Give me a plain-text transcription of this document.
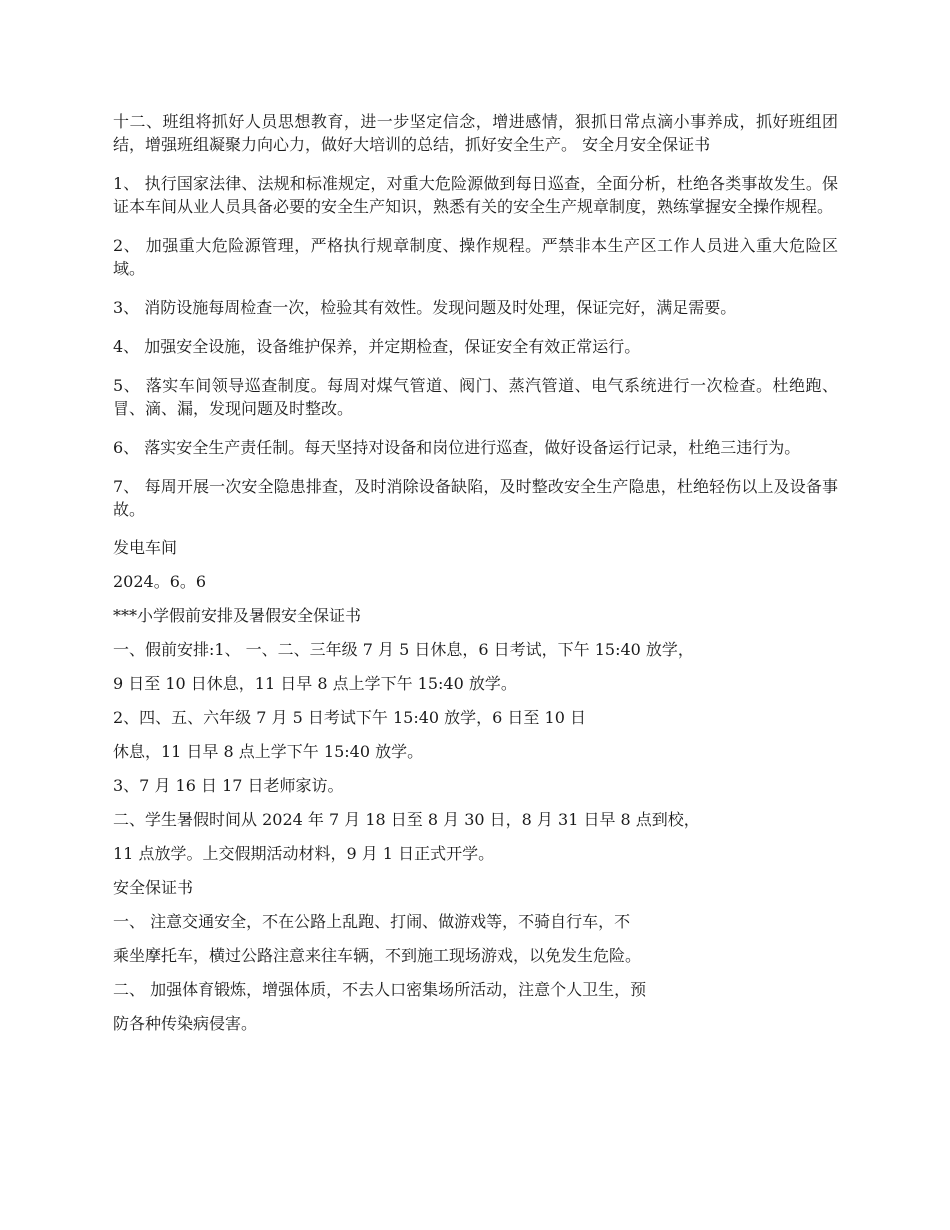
十二、班组将抓好人员思想教育，进一步坚定信念，增进感情，狠抓日常点滴小事养成，抓好班组团结，增强班组凝聚力向心力，做好大培训的总结，抓好安全生产。 安全月安全保证书

1、 执行国家法律、法规和标准规定，对重大危险源做到每日巡查，全面分析，杜绝各类事故发生。保证本车间从业人员具备必要的安全生产知识，熟悉有关的安全生产规章制度，熟练掌握安全操作规程。

2、 加强重大危险源管理，严格执行规章制度、操作规程。严禁非本生产区工作人员进入重大危险区域。

3、 消防设施每周检查一次，检验其有效性。发现问题及时处理，保证完好，满足需要。

4、 加强安全设施，设备维护保养，并定期检查，保证安全有效正常运行。

5、 落实车间领导巡查制度。每周对煤气管道、阀门、蒸汽管道、电气系统进行一次检查。杜绝跑、冒、滴、漏，发现问题及时整改。

6、 落实安全生产责任制。每天坚持对设备和岗位进行巡查，做好设备运行记录，杜绝三违行为。

7、 每周开展一次安全隐患排查，及时消除设备缺陷，及时整改安全生产隐患，杜绝轻伤以上及设备事故。

发电车间

2024。6。6

***小学假前安排及暑假安全保证书

一、假前安排:1、 一、二、三年级 7 月 5 日休息，6 日考试，下午 15:40 放学，

9 日至 10 日休息，11 日早 8 点上学下午 15:40 放学。

2、四、五、六年级 7 月 5 日考试下午 15:40 放学，6 日至 10 日

休息，11 日早 8 点上学下午 15:40 放学。

3、7 月 16 日 17 日老师家访。

二、学生暑假时间从 2024 年 7 月 18 日至 8 月 30 日，8 月 31 日早 8 点到校，

11 点放学。上交假期活动材料，9 月 1 日正式开学。

安全保证书

一、 注意交通安全，不在公路上乱跑、打闹、做游戏等，不骑自行车，不

乘坐摩托车，横过公路注意来往车辆，不到施工现场游戏，以免发生危险。

二、 加强体育锻炼，增强体质，不去人口密集场所活动，注意个人卫生，预

防各种传染病侵害。
